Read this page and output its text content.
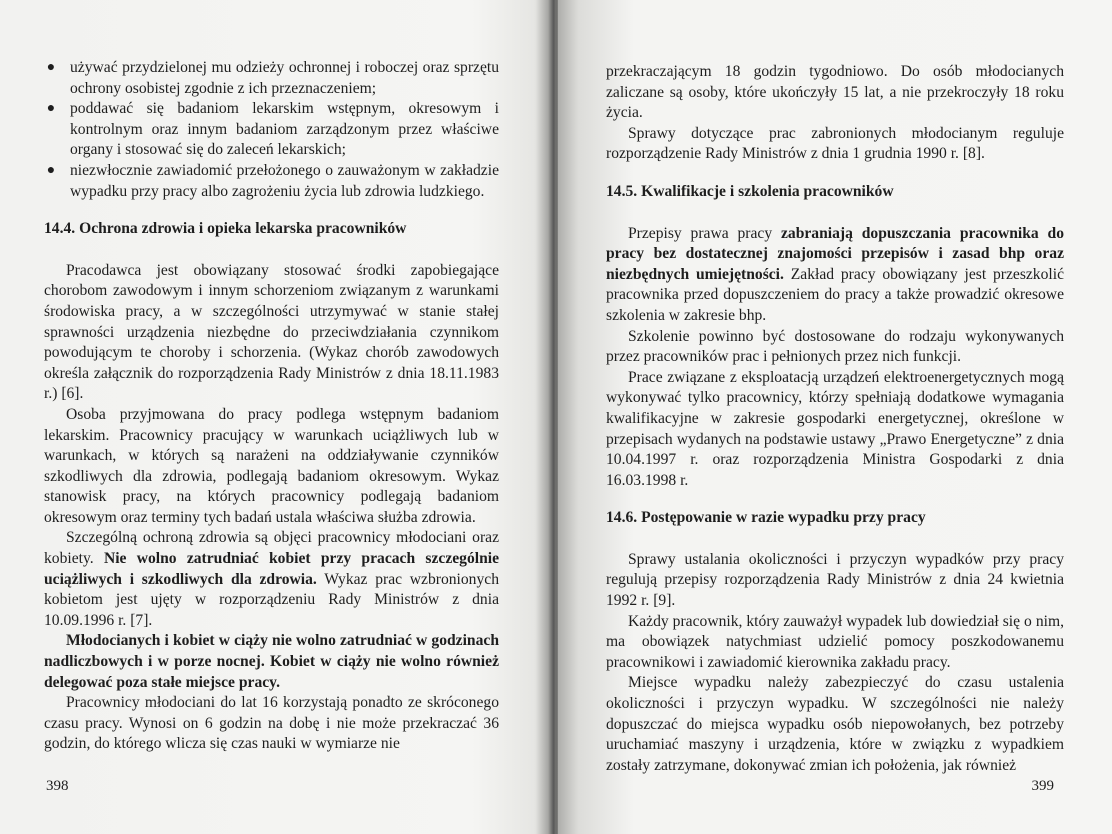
● używać przydzielonej mu odzieży ochronnej i roboczej oraz sprzętu ochrony osobistej zgodnie z ich przeznaczeniem;
● poddawać się badaniom lekarskim wstępnym, okresowym i kontrolnym oraz innym badaniom zarządzonym przez właściwe organy i stosować się do zaleceń lekarskich;
● niezwłocznie zawiadomić przełożonego o zauważonym w zakładzie wypadku przy pracy albo zagrożeniu życia lub zdrowia ludzkiego.
14.4. Ochrona zdrowia i opieka lekarska pracowników

Pracodawca jest obowiązany stosować środki zapobiegające chorobom zawodowym i innym schorzeniom związanym z warunkami środowiska pracy, a w szczególności utrzymywać w stanie stałej sprawności urządzenia niezbędne do przeciwdziałania czynnikom powodującym te choroby i schorzenia. (Wykaz chorób zawodowych określa załącznik do rozporządzenia Rady Ministrów z dnia 18.11.1983 r.) [6].

Osoba przyjmowana do pracy podlega wstępnym badaniom lekarskim. Pracownicy pracujący w warunkach uciążliwych lub w warunkach, w których są narażeni na oddziaływanie czynników szkodliwych dla zdrowia, podlegają badaniom okresowym. Wykaz stanowisk pracy, na których pracownicy podlegają badaniom okresowym oraz terminy tych badań ustala właściwa służba zdrowia.

Szczególną ochroną zdrowia są objęci pracownicy młodociani oraz kobiety. Nie wolno zatrudniać kobiet przy pracach szczególnie uciążliwych i szkodliwych dla zdrowia. Wykaz prac wzbronionych kobietom jest ujęty w rozporządzeniu Rady Ministrów z dnia 10.09.1996 r. [7].

Młodocianych i kobiet w ciąży nie wolno zatrudniać w godzinach nadliczbowych i w porze nocnej. Kobiet w ciąży nie wolno również delegować poza stałe miejsce pracy.

Pracownicy młodociani do lat 16 korzystają ponadto ze skróconego czasu pracy. Wynosi on 6 godzin na dobę i nie może przekraczać 36 godzin, do którego wlicza się czas nauki w wymiarze nie

398

przekraczającym 18 godzin tygodniowo. Do osób młodocianych zaliczane są osoby, które ukończyły 15 lat, a nie przekroczyły 18 roku życia.

Sprawy dotyczące prac zabronionych młodocianym reguluje rozporządzenie Rady Ministrów z dnia 1 grudnia 1990 r. [8].

14.5. Kwalifikacje i szkolenia pracowników

Przepisy prawa pracy zabraniają dopuszczania pracownika do pracy bez dostatecznej znajomości przepisów i zasad bhp oraz niezbędnych umiejętności. Zakład pracy obowiązany jest przeszkolić pracownika przed dopuszczeniem do pracy a także prowadzić okresowe szkolenia w zakresie bhp.

Szkolenie powinno być dostosowane do rodzaju wykonywanych przez pracowników prac i pełnionych przez nich funkcji.

Prace związane z eksploatacją urządzeń elektroenergetycznych mogą wykonywać tylko pracownicy, którzy spełniają dodatkowe wymagania kwalifikacyjne w zakresie gospodarki energetycznej, określone w przepisach wydanych na podstawie ustawy „Prawo Energetyczne” z dnia 10.04.1997 r. oraz rozporządzenia Ministra Gospodarki z dnia 16.03.1998 r.

14.6. Postępowanie w razie wypadku przy pracy

Sprawy ustalania okoliczności i przyczyn wypadków przy pracy regulują przepisy rozporządzenia Rady Ministrów z dnia 24 kwietnia 1992 r. [9].

Każdy pracownik, który zauważył wypadek lub dowiedział się o nim, ma obowiązek natychmiast udzielić pomocy poszkodowanemu pracownikowi i zawiadomić kierownika zakładu pracy.

Miejsce wypadku należy zabezpieczyć do czasu ustalenia okoliczności i przyczyn wypadku. W szczególności nie należy dopuszczać do miejsca wypadku osób niepowołanych, bez potrzeby uruchamiać maszyny i urządzenia, które w związku z wypadkiem zostały zatrzymane, dokonywać zmian ich położenia, jak również

399
